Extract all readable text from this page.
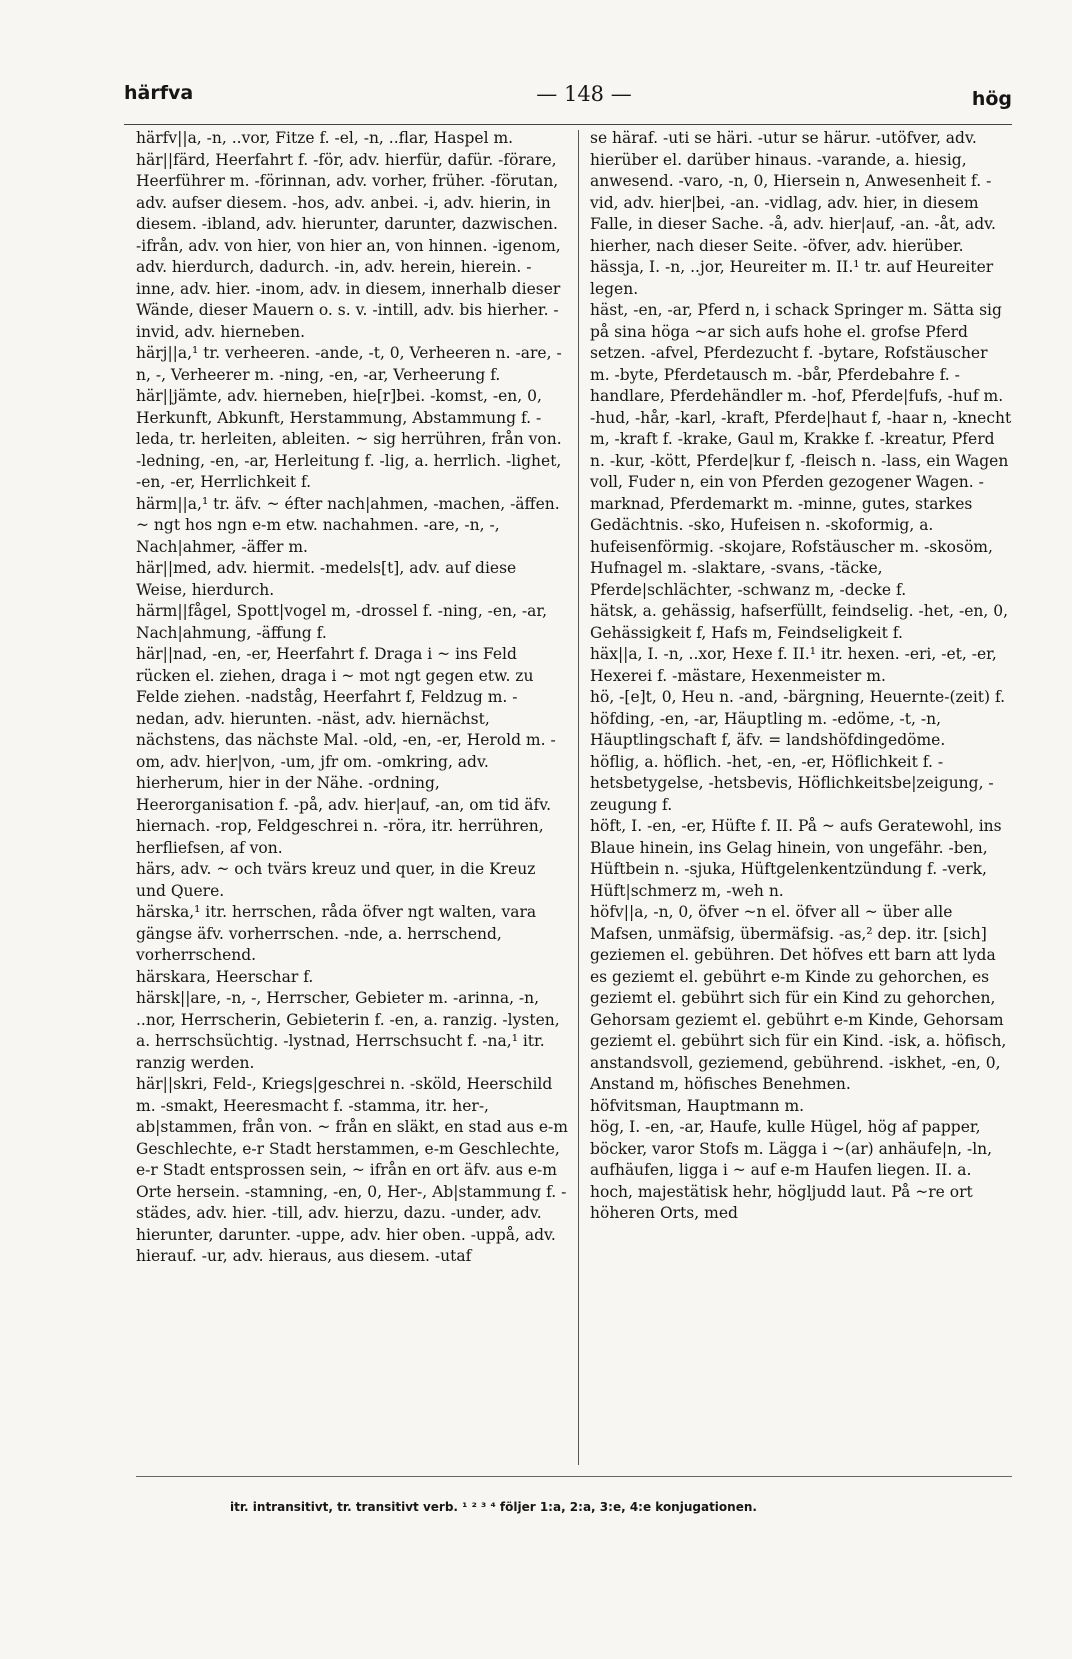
härfva	— 148 —	hög

härfv||a, -n, ..vor, Fitze f. -el, -n, ..flar, Haspel m.

här||färd, Heerfahrt f. -för, adv. hierfür, dafür. -förare, Heerführer m. -förinnan, adv. vorher, früher. -förutan, adv. aufser diesem. -hos, adv. anbei. -i, adv. hierin, in diesem. -ibland, adv. hierunter, darunter, dazwischen. -ifrån, adv. von hier, von hier an, von hinnen. -igenom, adv. hierdurch, dadurch. -in, adv. herein, hierein. -inne, adv. hier. -inom, adv. in diesem, innerhalb dieser Wände, dieser Mauern o. s. v. -intill, adv. bis hierher. -invid, adv. hierneben.

härj||a,¹ tr. verheeren. -ande, -t, 0, Verheeren n. -are, -n, -, Verheerer m. -ning, -en, -ar, Verheerung f.

här||jämte, adv. hierneben, hie[r]bei. -komst, -en, 0, Herkunft, Abkunft, Herstammung, Abstammung f. -leda, tr. herleiten, ableiten. ~ sig herrühren, från von. -ledning, -en, -ar, Herleitung f. -lig, a. herrlich. -lighet, -en, -er, Herrlichkeit f.

härm||a,¹ tr. äfv. ~ éfter nach|ahmen, -machen, -äffen. ~ ngt hos ngn e-m etw. nachahmen. -are, -n, -, Nach|ahmer, -äffer m.

här||med, adv. hiermit. -medels[t], adv. auf diese Weise, hierdurch.

härm||fågel, Spott|vogel m, -drossel f. -ning, -en, -ar, Nach|ahmung, -äffung f.

här||nad, -en, -er, Heerfahrt f. Draga i ~ ins Feld rücken el. ziehen, draga i ~ mot ngt gegen etw. zu Felde ziehen. -nadståg, Heerfahrt f, Feldzug m. -nedan, adv. hierunten. -näst, adv. hiernächst, nächstens, das nächste Mal. -old, -en, -er, Herold m. -om, adv. hier|von, -um, jfr om. -omkring, adv. hierherum, hier in der Nähe. -ordning, Heerorganisation f. -på, adv. hier|auf, -an, om tid äfv. hiernach. -rop, Feldgeschrei n. -röra, itr. herrühren, herfliefsen, af von.

härs, adv. ~ och tvärs kreuz und quer, in die Kreuz und Quere.

härska,¹ itr. herrschen, råda öfver ngt walten, vara gängse äfv. vorherrschen. -nde, a. herrschend, vorherrschend.

härskara, Heerschar f.

härsk||are, -n, -, Herrscher, Gebieter m. -arinna, -n, ..nor, Herrscherin, Gebieterin f. -en, a. ranzig. -lysten, a. herrschsüchtig. -lystnad, Herrschsucht f. -na,¹ itr. ranzig werden.

här||skri, Feld-, Kriegs|geschrei n. -sköld, Heerschild m. -smakt, Heeresmacht f. -stamma, itr. her-, ab|stammen, från von. ~ från en släkt, en stad aus e-m Geschlechte, e-r Stadt herstammen, e-m Geschlechte, e-r Stadt entsprossen sein, ~ ifrån en ort äfv. aus e-m Orte hersein. -stamning, -en, 0, Her-, Ab|stammung f. -städes, adv. hier. -till, adv. hierzu, dazu. -under, adv. hierunter, darunter. -uppe, adv. hier oben. -uppå, adv. hierauf. -ur, adv. hieraus, aus diesem. -utaf

se häraf. -uti se häri. -utur se härur. -utöfver, adv. hierüber el. darüber hinaus. -varande, a. hiesig, anwesend. -varo, -n, 0, Hiersein n, Anwesenheit f. -vid, adv. hier|bei, -an. -vidlag, adv. hier, in diesem Falle, in dieser Sache. -å, adv. hier|auf, -an. -åt, adv. hierher, nach dieser Seite. -öfver, adv. hierüber.

hässja, I. -n, ..jor, Heureiter m. II.¹ tr. auf Heureiter legen.

häst, -en, -ar, Pferd n, i schack Springer m. Sätta sig på sina höga ~ar sich aufs hohe el. grofse Pferd setzen. -afvel, Pferdezucht f. -bytare, Rofstäuscher m. -byte, Pferdetausch m. -bår, Pferdebahre f. -handlare, Pferdehändler m. -hof, Pferde|fufs, -huf m. -hud, -hår, -karl, -kraft, Pferde|haut f, -haar n, -knecht m, -kraft f. -krake, Gaul m, Krakke f. -kreatur, Pferd n. -kur, -kött, Pferde|kur f, -fleisch n. -lass, ein Wagen voll, Fuder n, ein von Pferden gezogener Wagen. -marknad, Pferdemarkt m. -minne, gutes, starkes Gedächtnis. -sko, Hufeisen n. -skoformig, a. hufeisenförmig. -skojare, Rofstäuscher m. -skosöm, Hufnagel m. -slaktare, -svans, -täcke, Pferde|schlächter, -schwanz m, -decke f.

hätsk, a. gehässig, hafserfüllt, feindselig. -het, -en, 0, Gehässigkeit f, Hafs m, Feindseligkeit f.

häx||a, I. -n, ..xor, Hexe f. II.¹ itr. hexen. -eri, -et, -er, Hexerei f. -mästare, Hexenmeister m.

hö, -[e]t, 0, Heu n. -and, -bärgning, Heuernte-(zeit) f.

höfding, -en, -ar, Häuptling m. -edöme, -t, -n, Häuptlingschaft f, äfv. = landshöfdingedöme.

höflig, a. höflich. -het, -en, -er, Höflichkeit f. -hetsbetygelse, -hetsbevis, Höflichkeitsbe|zeigung, -zeugung f.

höft, I. -en, -er, Hüfte f. II. På ~ aufs Geratewohl, ins Blaue hinein, ins Gelag hinein, von ungefähr. -ben, Hüftbein n. -sjuka, Hüftgelenkentzündung f. -verk, Hüft|schmerz m, -weh n.

höfv||a, -n, 0, öfver ~n el. öfver all ~ über alle Mafsen, unmäfsig, übermäfsig. -as,² dep. itr. [sich] geziemen el. gebühren. Det höfves ett barn att lyda es geziemt el. gebührt e-m Kinde zu gehorchen, es geziemt el. gebührt sich für ein Kind zu gehorchen, Gehorsam geziemt el. gebührt e-m Kinde, Gehorsam geziemt el. gebührt sich für ein Kind. -isk, a. höfisch, anstandsvoll, geziemend, gebührend. -iskhet, -en, 0, Anstand m, höfisches Benehmen.

höfvitsman, Hauptmann m.

hög, I. -en, -ar, Haufe, kulle Hügel, hög af papper, böcker, varor Stofs m. Lägga i ~(ar) anhäufe|n, -ln, aufhäufen, ligga i ~ auf e-m Haufen liegen. II. a. hoch, majestätisk hehr, högljudd laut. På ~re ort höheren Orts, med

itr. intransitivt, tr. transitivt verb. ¹ ² ³ ⁴ följer 1:a, 2:a, 3:e, 4:e konjugationen.
